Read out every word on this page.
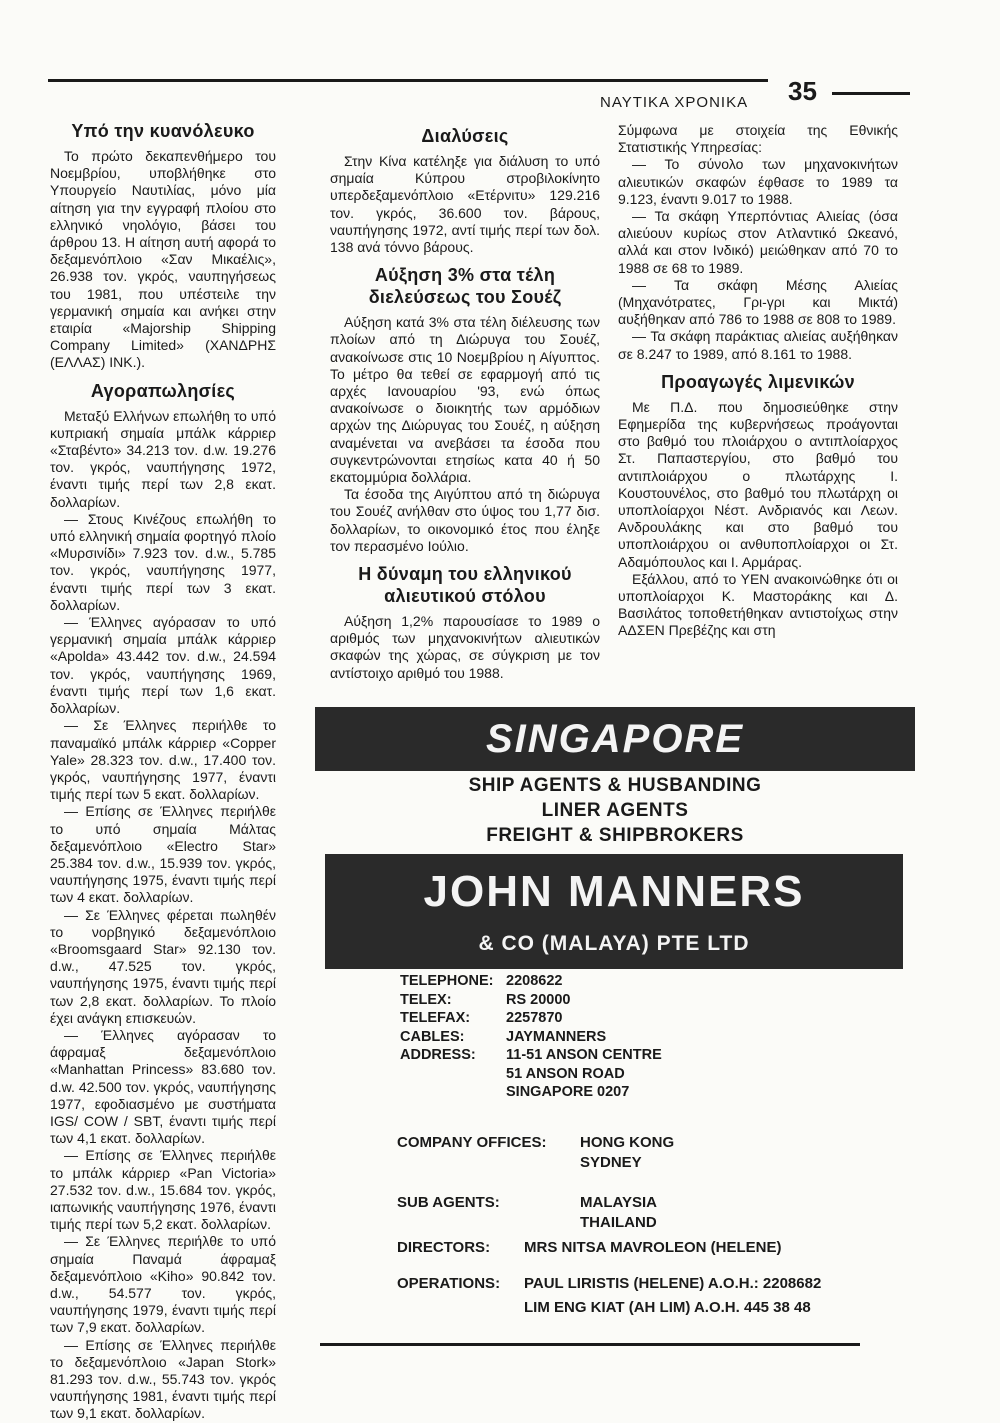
ΝΑΥΤΙΚΑ ΧΡΟΝΙΚΑ 35
Υπό την κυανόλευκο

Το πρώτο δεκαπενθήμερο του Νοεμβρίου, υποβλήθηκε στο Υπουργείο Ναυτιλίας, μόνο μία αίτηση για την εγγραφή πλοίου στο ελληνικό νηολόγιο, βάσει του άρθρου 13. Η αίτηση αυτή αφορά το δεξαμενόπλοιο «Σαν Μικαέλις», 26.938 τον. γκρός, ναυπηγήσεως του 1981, που υπέστειλε την γερμανική σημαία και ανήκει στην εταιρία «Majorship Shipping Company Limited» (ΧΑΝΔΡΗΣ (ΕΛΛΑΣ) ΙΝΚ.).

Αγοραπωλησίες

Μεταξύ Ελλήνων επωλήθη το υπό κυπριακή σημαία μπάλκ κάρριερ «Σταβέντο» 34.213 τον. d.w. 19.276 τον. γκρός, ναυπήγησης 1972, έναντι τιμής περί των 2,8 εκατ. δολλαρίων.

— Στους Κινέζους επωλήθη το υπό ελληνική σημαία φορτηγό πλοίο «Μυρσινίδι» 7.923 τον. d.w., 5.785 τον. γκρός, ναυπήγησης 1977, έναντι τιμής περί των 3 εκατ. δολλαρίων.

— Έλληνες αγόρασαν το υπό γερμανική σημαία μπάλκ κάρριερ «Apolda» 43.442 τον. d.w., 24.594 τον. γκρός, ναυπήγησης 1969, έναντι τιμής περί των 1,6 εκατ. δολλαρίων.

— Σε Έλληνες περιήλθε το παναμαϊκό μπάλκ κάρριερ «Copper Yale» 28.323 τον. d.w., 17.400 τον. γκρός, ναυπήγησης 1977, έναντι τιμής περί των 5 εκατ. δολλαρίων.

— Επίσης σε Έλληνες περιήλθε το υπό σημαία Μάλτας δεξαμενόπλοιο «Electro Star» 25.384 τον. d.w., 15.939 τον. γκρός, ναυπήγησης 1975, έναντι τιμής περί των 4 εκατ. δολλαρίων.

— Σε Έλληνες φέρεται πωληθέν το νορβηγικό δεξαμενόπλοιο «Broomsgaard Star» 92.130 τον. d.w., 47.525 τον. γκρός, ναυπήγησης 1975, έναντι τιμής περί των 2,8 εκατ. δολλαρίων. Το πλοίο έχει ανάγκη επισκευών.

— Έλληνες αγόρασαν το άφραμαξ δεξαμενόπλοιο «Manhattan Princess» 83.680 τον. d.w. 42.500 τον. γκρός, ναυπήγησης 1977, εφοδιασμένο με συστήματα IGS/ COW / SBT, έναντι τιμής περί των 4,1 εκατ. δολλαρίων.

— Επίσης σε Έλληνες περιήλθε το μπάλκ κάρριερ «Pan Victoria» 27.532 τον. d.w., 15.684 τον. γκρός, ιαπωνικής ναυπήγησης 1976, έναντι τιμής περί των 5,2 εκατ. δολλαρίων.

— Σε Έλληνες περιήλθε το υπό σημαία Παναμά άφραμαξ δεξαμενόπλοιο «Kiho» 90.842 τον. d.w., 54.577 τον. γκρός, ναυπήγησης 1979, έναντι τιμής περί των 7,9 εκατ. δολλαρίων.

— Επίσης σε Έλληνες περιήλθε το δεξαμενόπλοιο «Japan Stork» 81.293 τον. d.w., 55.743 τον. γκρός ναυπήγησης 1981, έναντι τιμής περί των 9,1 εκατ. δολλαρίων.

Διαλύσεις

Στην Κίνα κατέληξε για διάλυση το υπό σημαία Κύπρου στροβιλοκίνητο υπερδεξαμενόπλοιο «Ετέρνιτυ» 129.216 τον. γκρός, 36.600 τον. βάρους, ναυπήγησης 1972, αντί τιμής περί των δολ. 138 ανά τόννο βάρους.

Αύξηση 3% στα τέλη διελεύσεως του Σουέζ

Αύξηση κατά 3% στα τέλη διέλευσης των πλοίων από τη Διώρυγα του Σουέζ, ανακοίνωσε στις 10 Νοεμβρίου η Αίγυπτος. Το μέτρο θα τεθεί σε εφαρμογή από τις αρχές Ιανουαρίου '93, ενώ όπως ανακοίνωσε ο διοικητής των αρμόδιων αρχών της Διώρυγας του Σουέζ, η αύξηση αναμένεται να ανεβάσει τα έσοδα που συγκεντρώνονται ετησίως κατα 40 ή 50 εκατομμύρια δολλάρια.

Τα έσοδα της Αιγύπτου από τη διώρυγα του Σουέζ ανήλθαν στο ύψος του 1,77 δισ. δολλαρίων, το οικονομικό έτος που έληξε τον περασμένο Ιούλιο.

Η δύναμη του ελληνικού αλιευτικού στόλου

Αύξηση 1,2% παρουσίασε το 1989 ο αριθμός των μηχανοκινήτων αλιευτικών σκαφών της χώρας, σε σύγκριση με τον αντίστοιχο αριθμό του 1988.

Σύμφωνα με στοιχεία της Εθνικής Στατιστικής Υπηρεσίας:

— Το σύνολο των μηχανοκινήτων αλιευτικών σκαφών έφθασε το 1989 τα 9.123, έναντι 9.017 το 1988.

— Τα σκάφη Υπερπόντιας Αλιείας (όσα αλιεύουν κυρίως στον Ατλαντικό Ωκεανό, αλλά και στον Ινδικό) μειώθηκαν από 70 το 1988 σε 68 το 1989.

— Τα σκάφη Μέσης Αλιείας (Μηχανότρατες, Γρι-γρι και Μικτά) αυξήθηκαν από 786 το 1988 σε 808 το 1989.

— Τα σκάφη παράκτιας αλιείας αυξήθηκαν σε 8.247 το 1989, από 8.161 το 1988.

Προαγωγές λιμενικών

Με Π.Δ. που δημοσιεύθηκε στην Εφημερίδα της κυβερνήσεως προάγονται στο βαθμό του πλοιάρχου ο αντιπλοίαρχος Στ. Παπαστεργίου, στο βαθμό του αντιπλοιάρχου ο πλωτάρχης Ι. Κουστουνέλος, στο βαθμό του πλωτάρχη οι υποπλοίαρχοι Νέστ. Ανδριανός και Λεων. Ανδρουλάκης και στο βαθμό του υποπλοιάρχου οι ανθυποπλοίαρχοι οι Στ. Αδαμόπουλος και Ι. Αρμάρας.

Εξάλλου, από το ΥΕΝ ανακοινώθηκε ότι οι υποπλοίαρχοι Κ. Μαστοράκης και Δ. Βασιλάτος τοποθετήθηκαν αντιστοίχως στην ΑΔΣΕΝ Πρεβέζης και στη

SINGAPORE
SHIP AGENTS & HUSBANDING
LINER AGENTS
FREIGHT & SHIPBROKERS
JOHN MANNERS
& CO (MALAYA) PTE LTD
TELEPHONE: 2208622
TELEX:	RS 20000
TELEFAX:	2257870
CABLES:	JAYMANNERS
ADDRESS:	11-51 ANSON CENTRE
51 ANSON ROAD
SINGAPORE 0207
COMPANY OFFICES:	HONG KONG
SYDNEY
SUB AGENTS:	MALAYSIA
THAILAND
DIRECTORS:	MRS NITSA MAVROLEON (HELENE)
OPERATIONS:	PAUL LIRISTIS (HELENE) A.O.H.: 2208682
LIM ENG KIAT (AH LIM) A.O.H. 445 38 48
